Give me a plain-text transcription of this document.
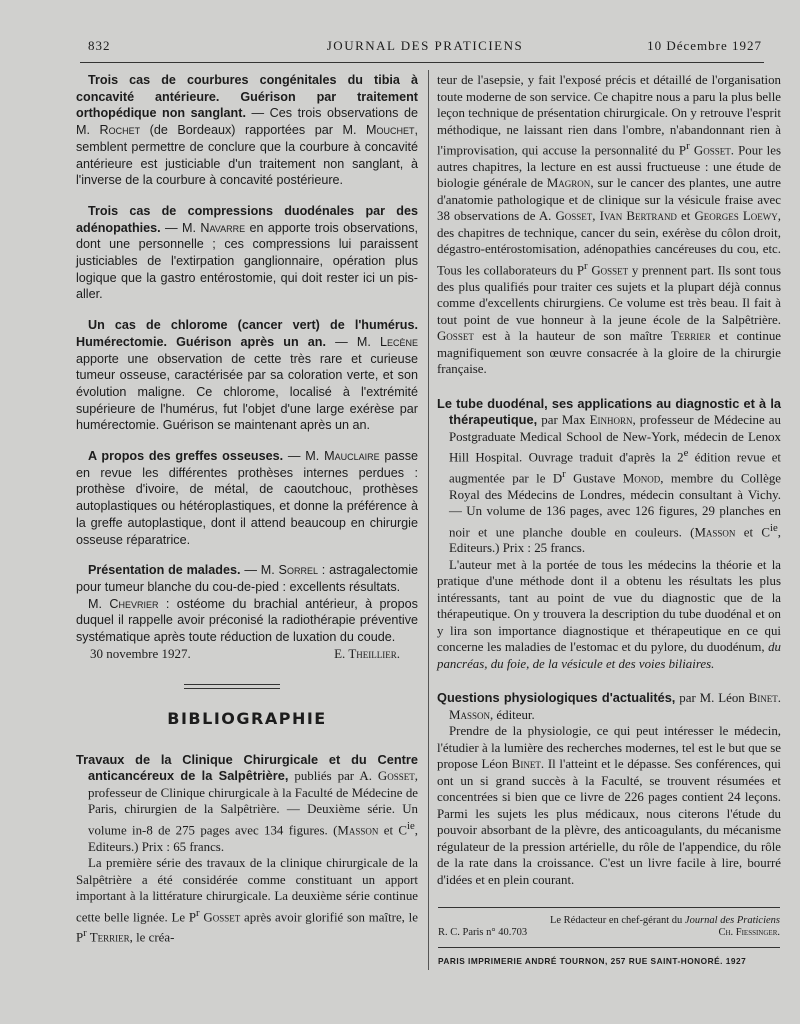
832	JOURNAL DES PRATICIENS	10 Décembre 1927

Trois cas de courbures congénitales du tibia à concavité antérieure. Guérison par traitement orthopédique non sanglant. — Ces trois observations de M. Rochet (de Bordeaux) rapportées par M. Mouchet, semblent permettre de conclure que la courbure à concavité antérieure est justiciable d'un traitement non sanglant, à l'inverse de la courbure à concavité postérieure.

Trois cas de compressions duodénales par des adénopathies. — M. Navarre en apporte trois observations, dont une personnelle ; ces compressions lui paraissent justiciables de l'extirpation ganglionnaire, opération plus logique que la gastro entérostomie, qui doit rester ici un pis-aller.

Un cas de chlorome (cancer vert) de l'humérus. Humérectomie. Guérison après un an. — M. Lecène apporte une observation de cette très rare et curieuse tumeur osseuse, caractérisée par sa coloration verte, et son évolution maligne. Ce chlorome, localisé à l'extrémité supérieure de l'humérus, fut l'objet d'une large exérèse par humérectomie. Guérison se maintenant après un an.

A propos des greffes osseuses. — M. Mauclaire passe en revue les différentes prothèses internes perdues : prothèse d'ivoire, de métal, de caoutchouc, prothèses autoplastiques ou hétéroplastiques, et donne la préférence à la greffe autoplastique, dont il attend beaucoup en chirurgie osseuse réparatrice.

Présentation de malades. — M. Sorrel : astragalectomie pour tumeur blanche du cou-de-pied : excellents résultats.

M. Chevrier : ostéome du brachial antérieur, à propos duquel il rappelle avoir préconisé la radiothérapie préventive systématique après toute réduction de luxation du coude.

30 novembre 1927.	E. Theillier.
BIBLIOGRAPHIE

Travaux de la Clinique Chirurgicale et du Centre anticancéreux de la Salpêtrière, publiés par A. Gosset, professeur de Clinique chirurgicale à la Faculté de Médecine de Paris, chirurgien de la Salpêtrière. — Deuxième série. Un volume in-8 de 275 pages avec 134 figures. (Masson et $C^{ie}$, Editeurs.) Prix : 65 francs.

La première série des travaux de la clinique chirurgicale de la Salpêtrière a été considérée comme constituant un apport important à la littérature chirurgicale. La deuxième série continue cette belle lignée. Le $P^r$ Gosset après avoir glorifié son maître, le $P^r$ Terrier, le créa-

teur de l'asepsie, y fait l'exposé précis et détaillé de l'organisation toute moderne de son service. Ce chapitre nous a paru la plus belle leçon technique de présentation chirurgicale. On y retrouve l'esprit méthodique, ne laissant rien dans l'ombre, n'abandonnant rien à l'improvisation, qui accuse la personnalité du $P^r$ Gosset. Pour les autres chapitres, la lecture en est aussi fructueuse : une étude de biologie générale de Magron, sur le cancer des plantes, une autre d'anatomie pathologique et de clinique sur la vésicule fraise avec 38 observations de A. Gosset, Ivan Bertrand et Georges Loewy, des chapitres de technique, cancer du sein, exérèse du côlon droit, dégastro-entérostomisation, adénopathies cancéreuses du cou, etc. Tous les collaborateurs du $P^r$ Gosset y prennent part. Ils sont tous des plus qualifiés pour traiter ces sujets et la plupart déjà connus comme d'excellents chirurgiens. Ce volume est très beau. Il fait à tout point de vue honneur à la jeune école de la Salpêtrière. Gosset est à la hauteur de son maître Terrier et continue magnifiquement son œuvre consacrée à la gloire de la chirurgie française.

Le tube duodénal, ses applications au diagnostic et à la thérapeutique, par Max Einhorn, professeur de Médecine au Postgraduate Medical School de New-York, médecin de Lenox Hill Hospital. Ouvrage traduit d'après la 2e édition revue et augmentée par le $D^r$ Gustave Monod, membre du Collège Royal des Médecins de Londres, médecin consultant à Vichy. — Un volume de 136 pages, avec 126 figures, 29 planches en noir et une planche double en couleurs. (Masson et $C^{ie}$, Editeurs.) Prix : 25 francs.

L'auteur met à la portée de tous les médecins la théorie et la pratique d'une méthode dont il a obtenu les résultats les plus intéressants, tant au point de vue du diagnostic que de la thérapeutique. On y trouvera la description du tube duodénal et on y lira son importance diagnostique et thérapeutique en ce qui concerne les maladies de l'estomac et du pylore, du duodénum, du pancréas, du foie, de la vésicule et des voies biliaires.

Questions physiologiques d'actualités, par M. Léon Binet. Masson, éditeur.

Prendre de la physiologie, ce qui peut intéresser le médecin, l'étudier à la lumière des recherches modernes, tel est le but que se propose Léon Binet. Il l'atteint et le dépasse. Ses conférences, qui ont un si grand succès à la Faculté, se trouvent résumées et concentrées si bien que ce livre de 226 pages contient 24 leçons. Parmi les sujets les plus médicaux, nous citerons l'étude du pouvoir absorbant de la plèvre, des anticoagulants, du mécanisme régulateur de la pression artérielle, du rôle de l'appendice, du rôle de la rate dans la croissance. C'est un livre facile à lire, bourré d'idées et en plein courant.

Le Rédacteur en chef-gérant du Journal des Praticiens
R. C. Paris n° 40.703	Ch. Fiessinger.
PARIS IMPRIMERIE ANDRÉ TOURNON, 257 RUE SAINT-HONORÉ. 1927
